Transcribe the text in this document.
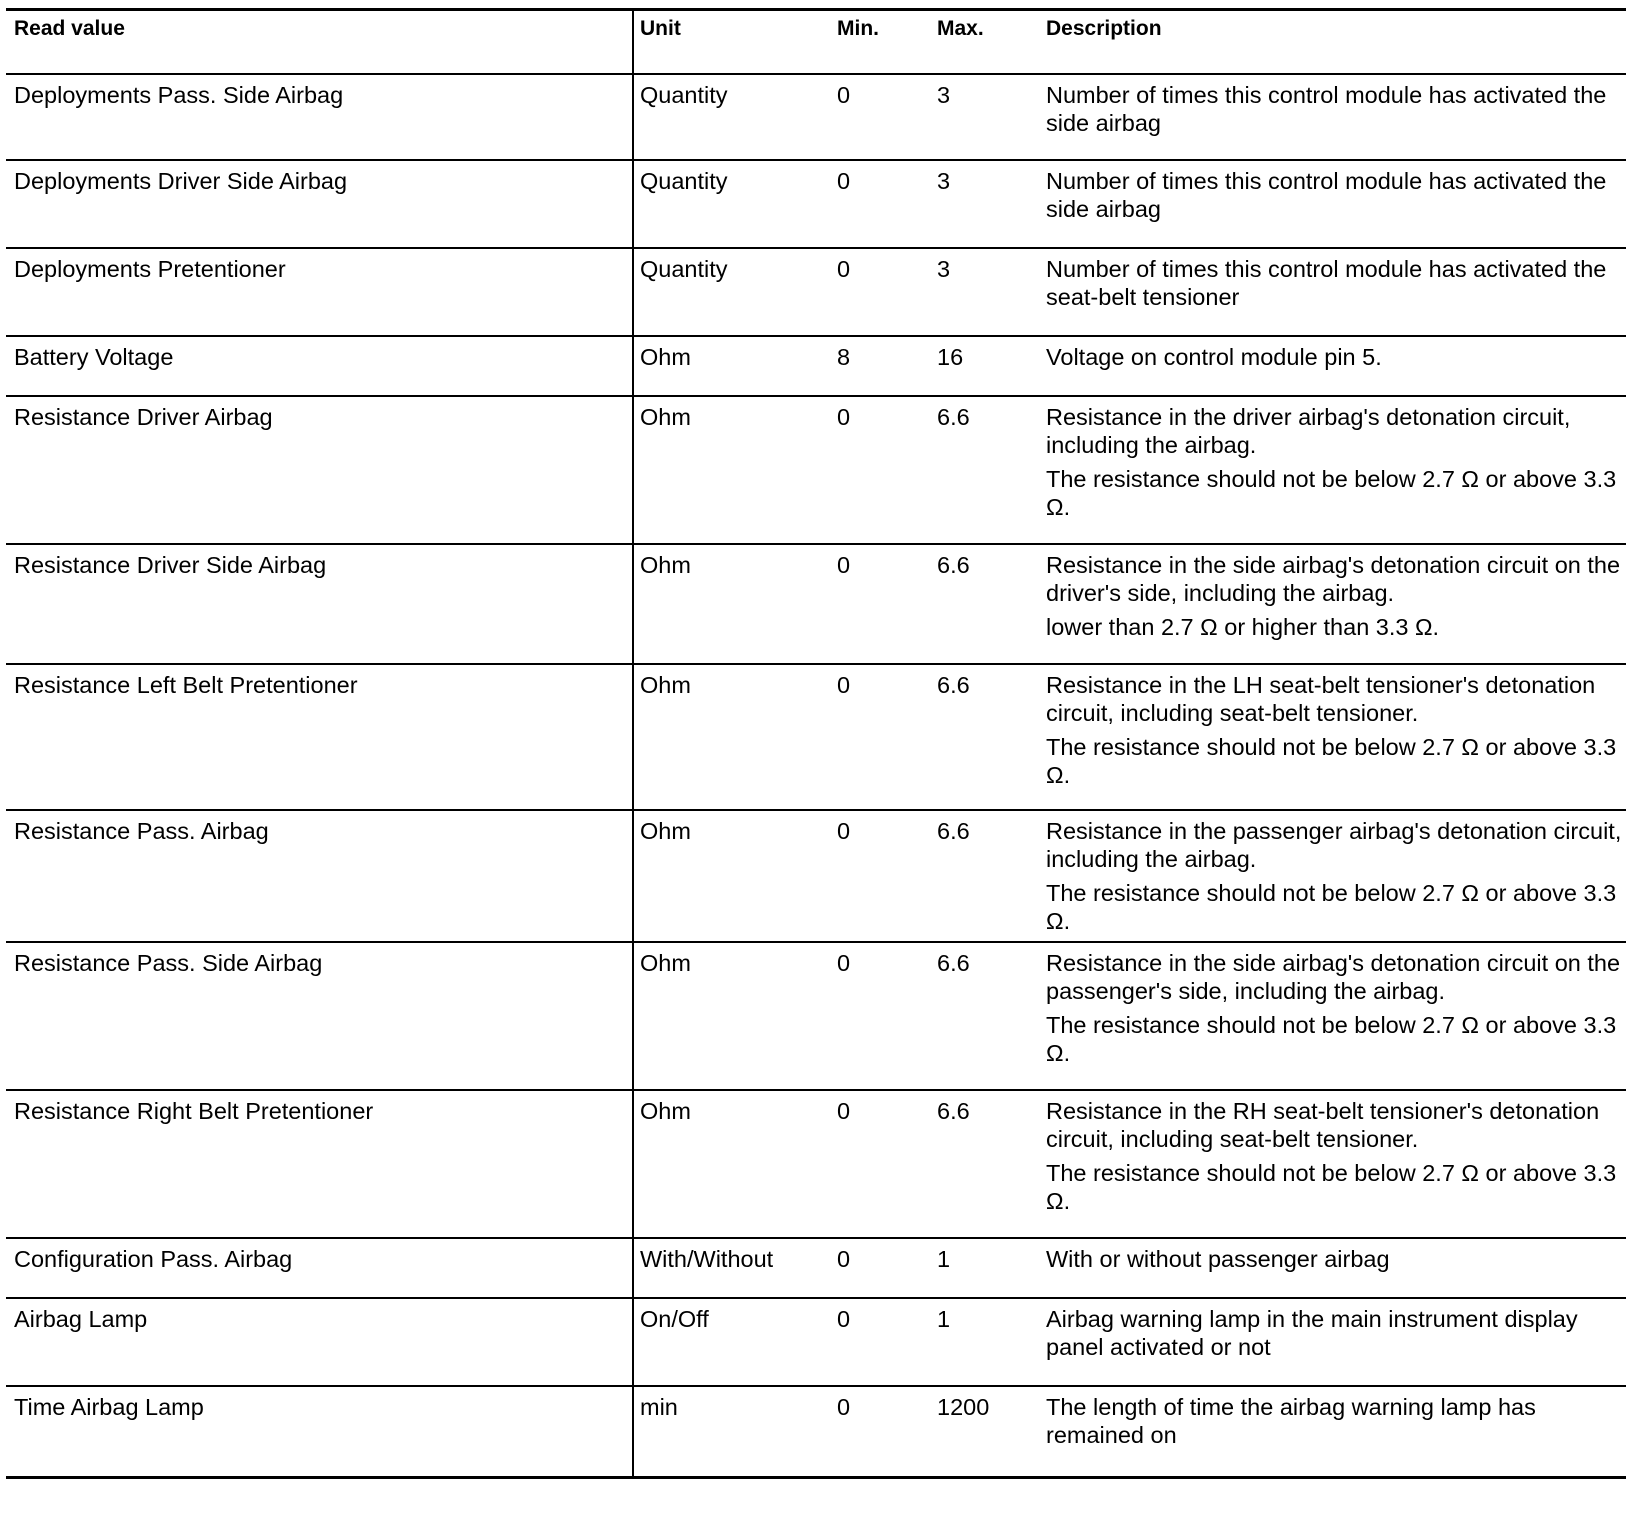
Read value	Unit	Min.	Max.	Description

Deployments Pass. Side Airbag	Quantity	0	3	Number of times this control module has activated the side airbag

Deployments Driver Side Airbag	Quantity	0	3	Number of times this control module has activated the side airbag

Deployments Pretentioner	Quantity	0	3	Number of times this control module has activated the seat-belt tensioner

Battery Voltage	Ohm	8	16	Voltage on control module pin 5.

Resistance Driver Airbag	Ohm	0	6.6	Resistance in the driver airbag's detonation circuit, including the airbag.
The resistance should not be below 2.7 Ω or above 3.3 Ω.

Resistance Driver Side Airbag	Ohm	0	6.6	Resistance in the side airbag's detonation circuit on the driver's side, including the airbag.
lower than 2.7 Ω or higher than 3.3 Ω.

Resistance Left Belt Pretentioner	Ohm	0	6.6	Resistance in the LH seat-belt tensioner's detonation circuit, including seat-belt tensioner.
The resistance should not be below 2.7 Ω or above 3.3 Ω.

Resistance Pass. Airbag	Ohm	0	6.6	Resistance in the passenger airbag's detonation circuit, including the airbag.
The resistance should not be below 2.7 Ω or above 3.3 Ω.

Resistance Pass. Side Airbag	Ohm	0	6.6	Resistance in the side airbag's detonation circuit on the passenger's side, including the airbag.
The resistance should not be below 2.7 Ω or above 3.3 Ω.

Resistance Right Belt Pretentioner	Ohm	0	6.6	Resistance in the RH seat-belt tensioner's detonation circuit, including seat-belt tensioner.
The resistance should not be below 2.7 Ω or above 3.3 Ω.

Configuration Pass. Airbag	With/Without	0	1	With or without passenger airbag

Airbag Lamp	On/Off	0	1	Airbag warning lamp in the main instrument display panel activated or not

Time Airbag Lamp	min	0	1200	The length of time the airbag warning lamp has remained on
